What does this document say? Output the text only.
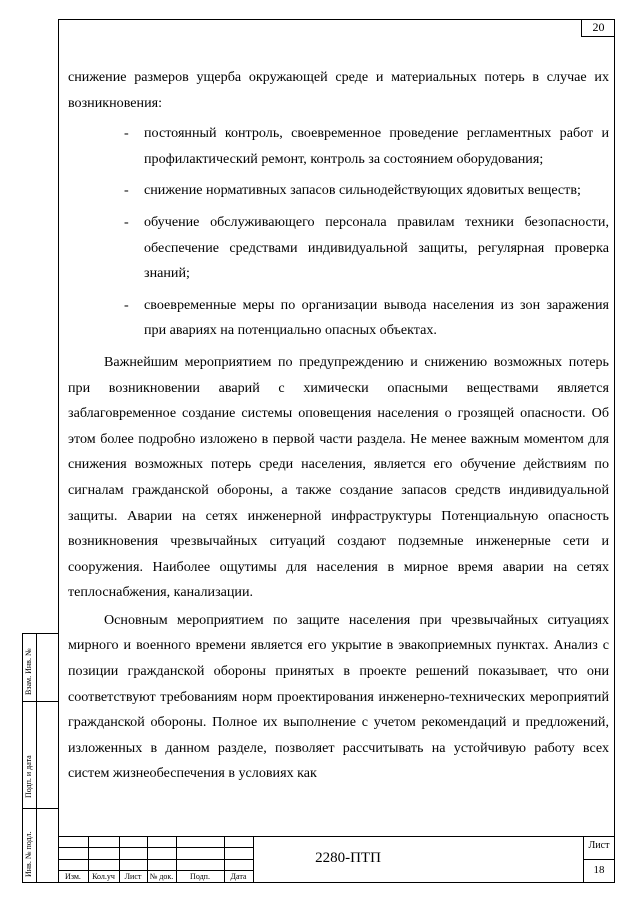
20

снижение размеров ущерба окружающей среде и материальных потерь в случае их возникновения:

- постоянный контроль, своевременное проведение регламентных работ и профилактический ремонт, контроль за состоянием оборудования;
- снижение нормативных запасов сильнодействующих ядовитых веществ;
- обучение обслуживающего персонала правилам техники безопасности, обеспечение средствами индивидуальной защиты, регулярная проверка знаний;
- своевременные меры по организации вывода населения из зон заражения при авариях на потенциально опасных объектах.

Важнейшим мероприятием по предупреждению и снижению возможных потерь при возникновении аварий с химически опасными веществами является заблаговременное создание системы оповещения населения о грозящей опасности. Об этом более подробно изложено в первой части раздела. Не менее важным моментом для снижения возможных потерь среди населения, является его обучение действиям по сигналам гражданской обороны, а также создание запасов средств индивидуальной защиты. Аварии на сетях инженерной инфраструктуры Потенциальную опасность возникновения чрезвычайных ситуаций создают подземные инженерные сети и сооружения. Наиболее ощутимы для населения в мирное время аварии на сетях теплоснабжения, канализации.

Основным мероприятием по защите населения при чрезвычайных ситуациях мирного и военного времени является его укрытие в эвакоприемных пунктах. Анализ с позиции гражданской обороны принятых в проекте решений показывает, что они соответствуют требованиям норм проектирования инженерно-технических мероприятий гражданской обороны. Полное их выполнение с учетом рекомендаций и предложений, изложенных в данном разделе, позволяет рассчитывать на устойчивую работу всех систем жизнеобеспечения в условиях как

Взам. Инв. №
Подп. и дата
Инв. № подл.	Изм.	Кол.уч	Лист	№ док.	Подп.	Дата
2280-ПТП
Лист
18
